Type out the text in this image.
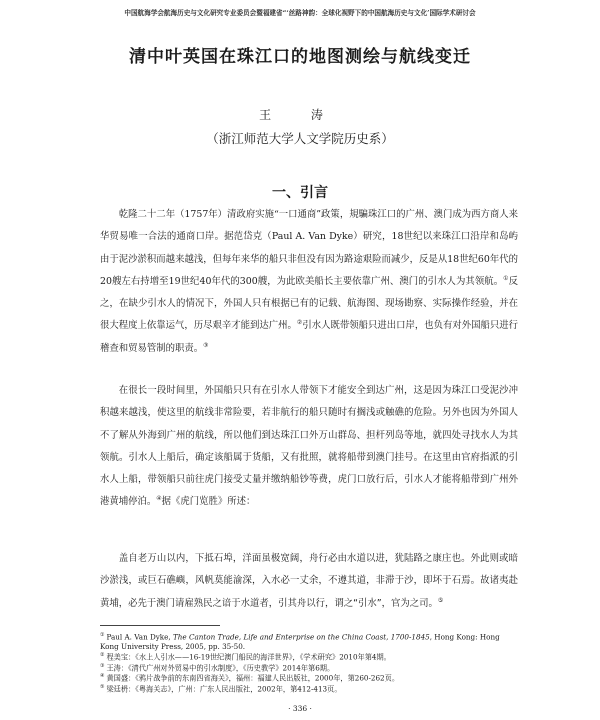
中国航海学会航海历史与文化研究专业委员会暨福建省“‘丝路神韵：全球化视野下的中国航海历史与文化’国际学术研讨会
清中叶英国在珠江口的地图测绘与航线变迁
王 涛
（浙江师范大学人文学院历史系）
一、引言

乾隆二十二年（1757年）清政府实施“一口通商”政策，規騙珠江口的广州、澳门成为西方商人来华贸易唯一合法的通商口岸。据范岱克（Paul A. Van Dyke）研究，18世纪以来珠江口沿岸和岛屿由于泥沙淤积而越来越浅，但每年来华的船只非但没有因为路途艰险而减少，反是从18世纪60年代的20艘左右持增至19世纪40年代的300艘，为此欧美船长主要依靠广州、澳门的引水人为其领航。①反之，在缺少引水人的情况下，外国人只有根据已有的记载、航海图、现场勘察、实际操作经验，并在很大程度上依靠运气，历尽艰辛才能到达广州。②引水人既带领船只进出口岸，也负有对外国船只进行稽查和贸易管制的职责。③

在很长一段时间里，外国船只只有在引水人带领下才能安全到达广州，这是因为珠江口受泥沙冲积越来越浅，使这里的航线非常险要，若非航行的船只随时有搁浅或触礁的危险。另外也因为外国人不了解从外海到广州的航线，所以他们到达珠江口外万山群岛、担杆列岛等地，就四处寻找水人为其领航。引水人上船后，确定该船属于货船，又有批照，就将船带到澳门挂号。在这里由官府指派的引水人上船，带领船只前往虎门接受丈量并缴纳船钞等费，虎门口放行后，引水人才能将船带到广州外港黄埔停泊。④据《虎门览胜》所述：

盖自老万山以内，下抵石埠，洋面虽极宽阔，舟行必由水道以进，犹陆路之康庄也。外此则或暗沙淤浅，或巨石礁嶼，风帆莫能渝深，入水必一丈余，不遵其道，非滞于沙，即坏于石焉。故诸夷赴黄埔，必先于澳门请雇熟民之谙于水道者，引其舟以行，谓之“引水”，官为之司。⑤

① Paul A. Van Dyke, The Canton Trade, Life and Enterprise on the China Coast, 1700-1845, Hong Kong: Hong Kong University Press, 2005, pp. 35-50.
② 程美宝：《水上人引水——16-19世纪澳门船民的海洋世界》，《学术研究》2010年第4期。
③ 王涛：《清代广州对外贸易中的引水制度》，《历史教学》2014年第6期。
④ 黄国盛：《鸦片战争前的东南四省海关》，福州：福建人民出版社，2000年，第260-262页。
⑤ 梁廷枬：《粤海关志》，广州：广东人民出版社，2002年，第412-413页。
· 336 ·
